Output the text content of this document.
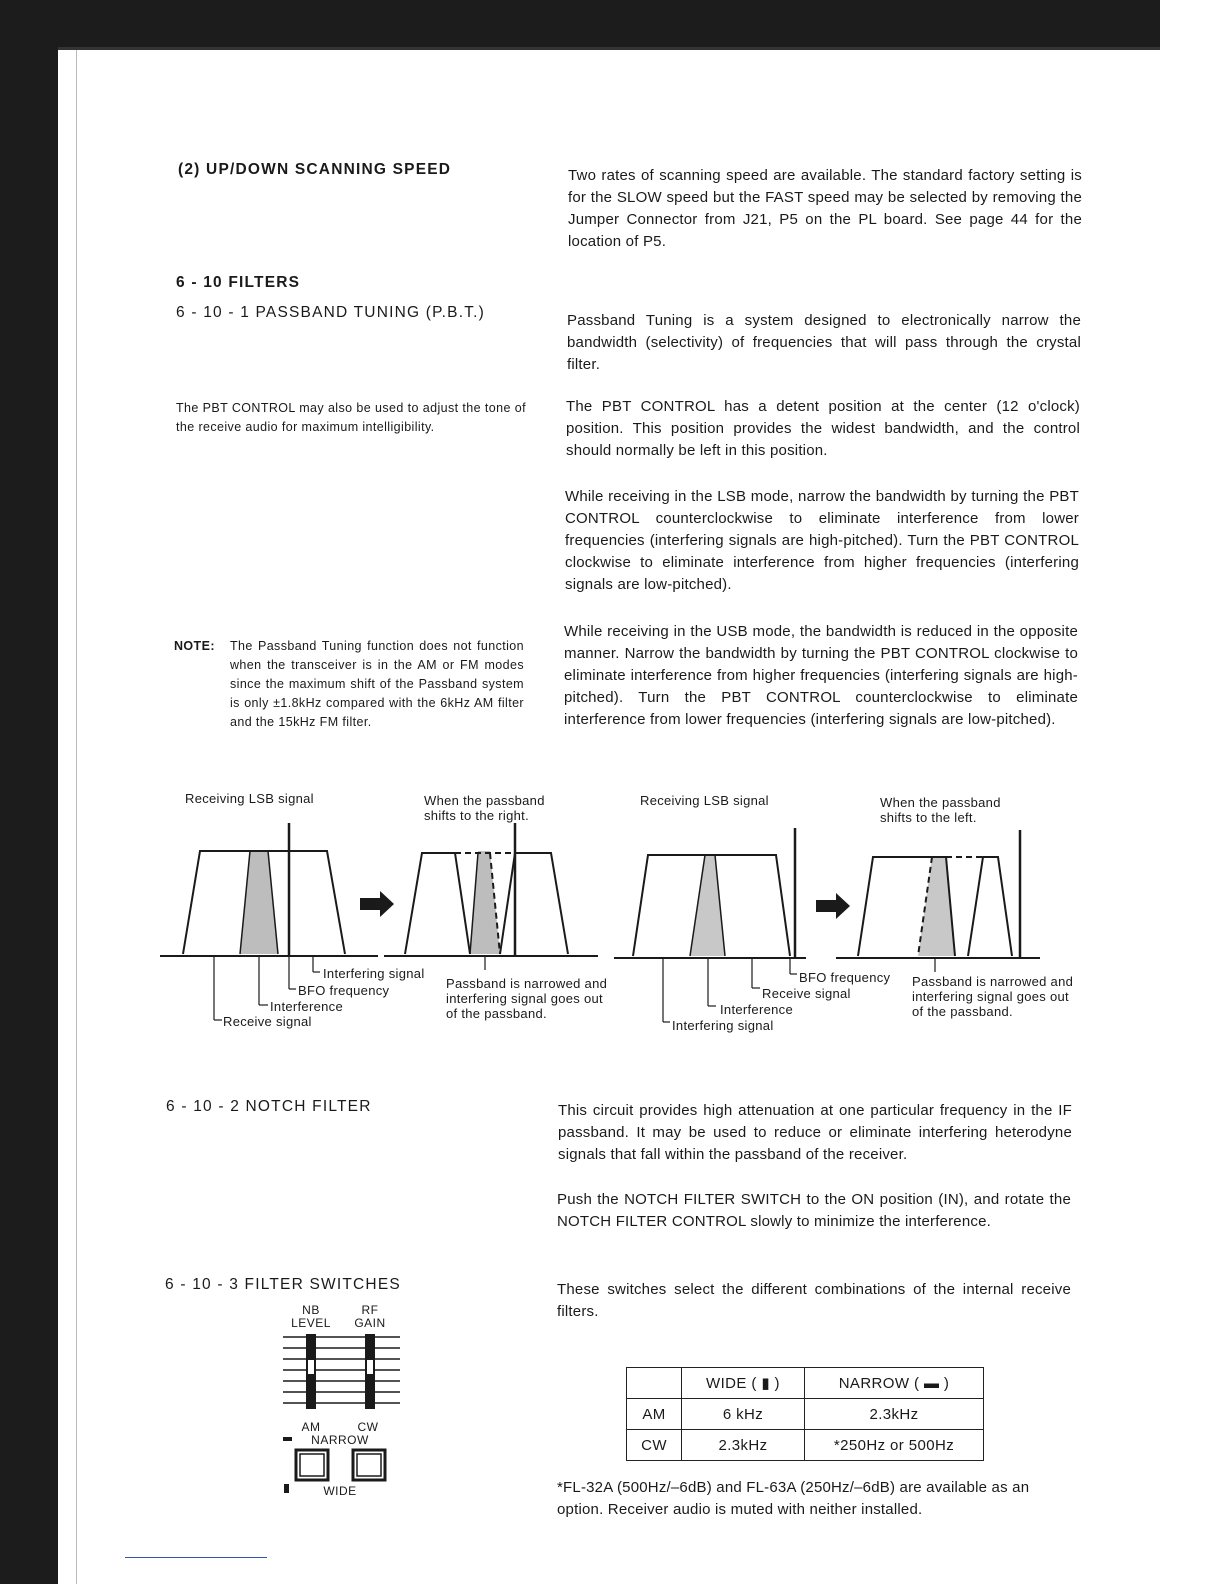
(2) UP/DOWN SCANNING SPEED	Two rates of scanning speed are available. The standard factory setting is for the SLOW speed but the FAST speed may be selected by removing the Jumper Connector from J21, P5 on the PL board. See page 44 for the location of P5.
6 - 10 FILTERS
6 - 10 - 1 PASSBAND TUNING (P.B.T.)	Passband Tuning is a system designed to electronically narrow the bandwidth (selectivity) of frequencies that will pass through the crystal filter.
The PBT CONTROL may also be used to adjust the tone of the receive audio for maximum intelligibility.
The PBT CONTROL has a detent position at the center (12 o'clock) position. This position provides the widest bandwidth, and the control should normally be left in this position.
While receiving in the LSB mode, narrow the bandwidth by turning the PBT CONTROL counterclockwise to eliminate interference from lower frequencies (interfering signals are high-pitched). Turn the PBT CONTROL clockwise to eliminate interference from higher frequencies (interfering signals are low-pitched).
While receiving in the USB mode, the bandwidth is reduced in the opposite manner. Narrow the bandwidth by turning the PBT CONTROL clockwise to eliminate interference from higher frequencies (interfering signals are high-pitched). Turn the PBT CONTROL counterclockwise to eliminate interference from lower frequencies (interfering signals are low-pitched).
NOTE: The Passband Tuning function does not function when the transceiver is in the AM or FM modes since the maximum shift of the Passband system is only ±1.8kHz compared with the 6kHz AM filter and the 15kHz FM filter.
Receiving LSB signal	When the passband shifts to the right.
Receiving LSB signal	When the passband shifts to the left.
Interfering signal
BFO frequency
Interference
Receive signal
Passband is narrowed and interfering signal goes out of the passband.
BFO frequency
Receive signal
Interference
Interfering signal
Passband is narrowed and interfering signal goes out of the passband.
6 - 10 - 2 NOTCH FILTER	This circuit provides high attenuation at one particular frequency in the IF passband. It may be used to reduce or eliminate interfering heterodyne signals that fall within the passband of the receiver.
Push the NOTCH FILTER SWITCH to the ON position (IN), and rotate the NOTCH FILTER CONTROL slowly to minimize the interference.
6 - 10 - 3 FILTER SWITCHES	These switches select the different combinations of the internal receive filters.
NB
LEVEL
RF
GAIN
AM	CW
NARROW
WIDE
	WIDE ( ▮ )	NARROW ( ▬ )
AM	6 kHz	2.3kHz
CW	2.3kHz	*250Hz or 500Hz
*FL-32A (500Hz/–6dB) and FL-63A (250Hz/–6dB) are available as an option. Receiver audio is muted with neither installed.
